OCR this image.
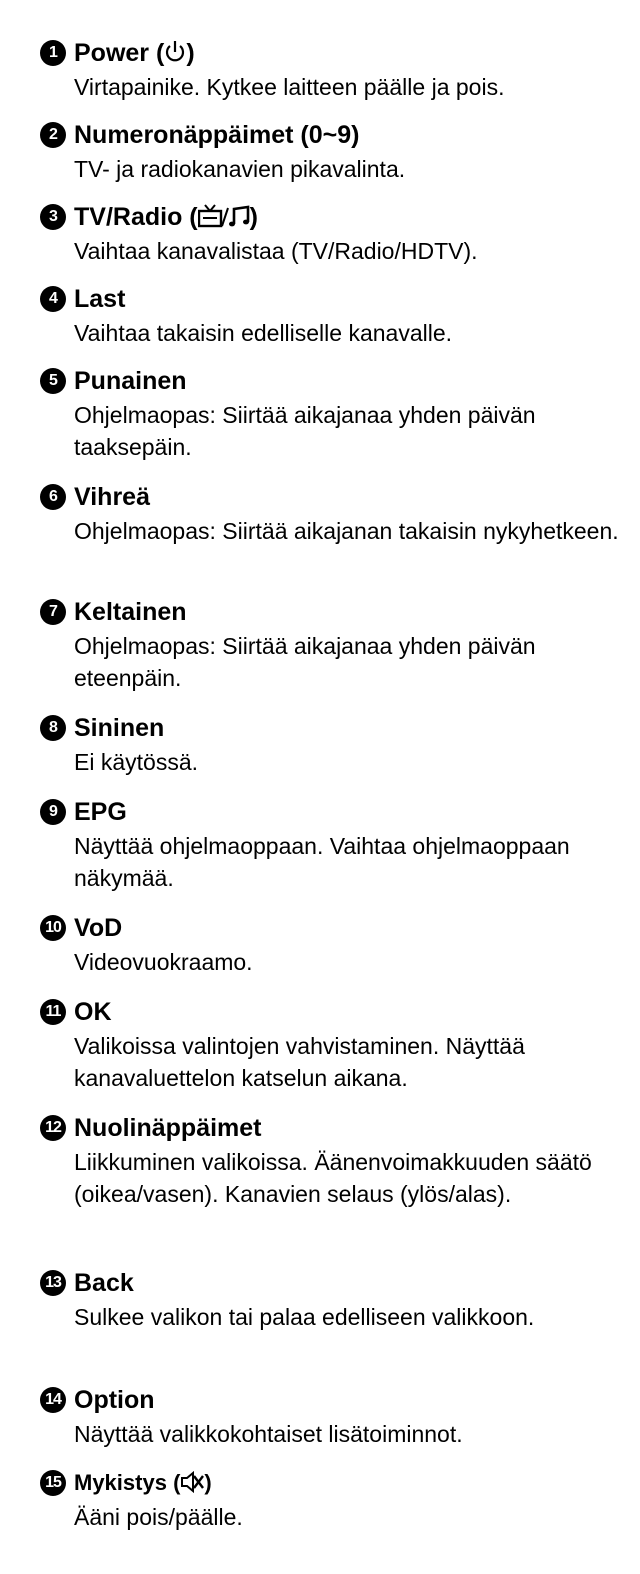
1 Power ( )
Virtapainike. Kytkee laitteen päälle ja pois.
2 Numeronäppäimet (0~9)
TV- ja radiokanavien pikavalinta.
3 TV/Radio ( )
Vaihtaa kanavalistaa (TV/Radio/HDTV).
4 Last
Vaihtaa takaisin edelliselle kanavalle.
5 Punainen
Ohjelmaopas: Siirtää aikajanaa yhden päivän taaksepäin.
6 Vihreä
Ohjelmaopas: Siirtää aikajanan takaisin nykyhetkeen.
7 Keltainen
Ohjelmaopas: Siirtää aikajanaa yhden päivän eteenpäin.
8 Sininen
Ei käytössä.
9 EPG
Näyttää ohjelmaoppaan. Vaihtaa ohjelmaoppaan näkymää.
10 VoD
Videovuokraamo.
11 OK
Valikoissa valintojen vahvistaminen. Näyttää kanavaluettelon katselun aikana.
12 Nuolinäppäimet
Liikkuminen valikoissa. Äänenvoimakkuuden säätö (oikea/vasen). Kanavien selaus (ylös/alas).
13 Back
Sulkee valikon tai palaa edelliseen valikkoon.
14 Option
Näyttää valikkokohtaiset lisätoiminnot.
15 Mykistys ( )
Ääni pois/päälle.
